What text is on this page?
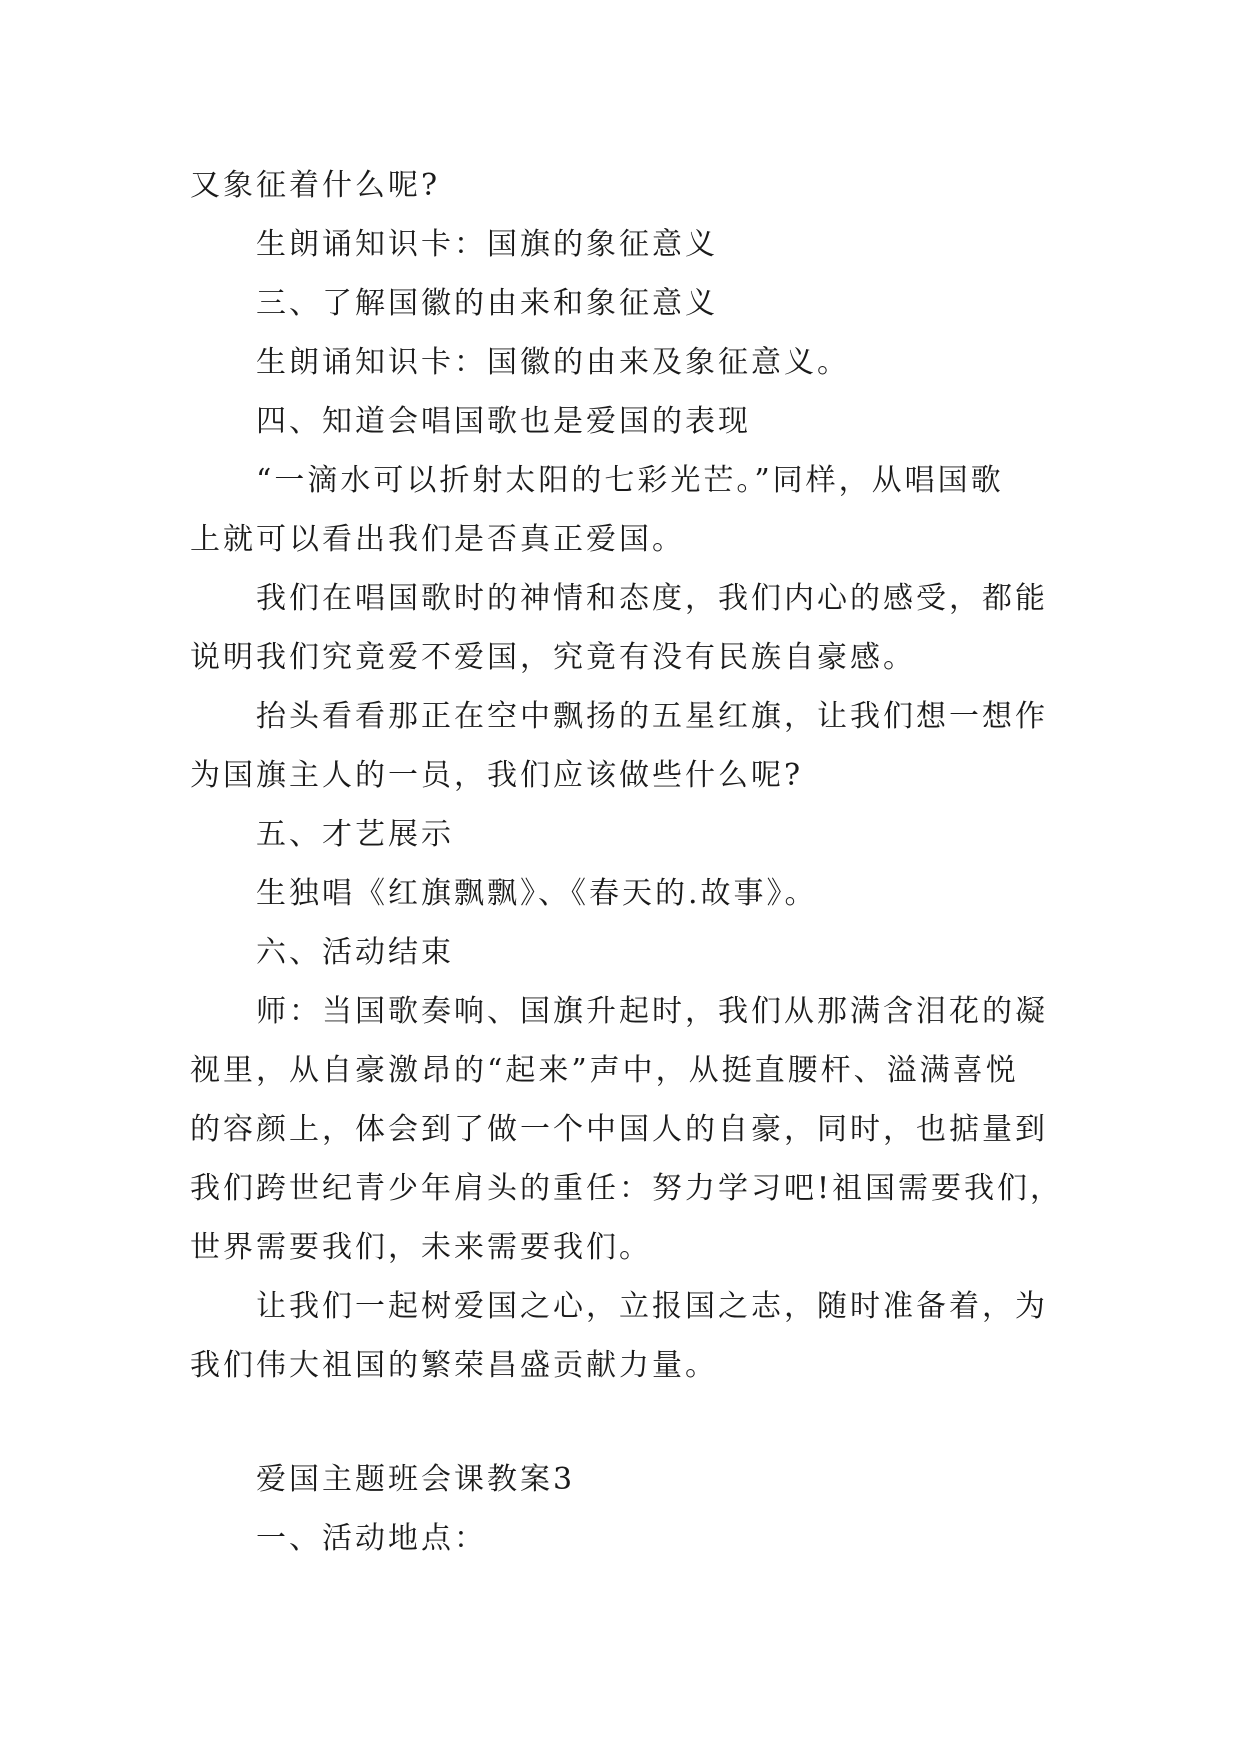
又象征着什么呢?
生朗诵知识卡：国旗的象征意义
三、了解国徽的由来和象征意义
生朗诵知识卡：国徽的由来及象征意义。
四、知道会唱国歌也是爱国的表现
“一滴水可以折射太阳的七彩光芒。”同样，从唱国歌
上就可以看出我们是否真正爱国。
我们在唱国歌时的神情和态度，我们内心的感受，都能
说明我们究竟爱不爱国，究竟有没有民族自豪感。
抬头看看那正在空中飘扬的五星红旗，让我们想一想作
为国旗主人的一员，我们应该做些什么呢?
五、才艺展示
生独唱《红旗飘飘》、《春天的.故事》。
六、活动结束
师：当国歌奏响、国旗升起时，我们从那满含泪花的凝
视里，从自豪激昂的“起来”声中，从挺直腰杆、溢满喜悦
的容颜上，体会到了做一个中国人的自豪，同时，也掂量到
我们跨世纪青少年肩头的重任：努力学习吧!祖国需要我们，
世界需要我们，未来需要我们。
让我们一起树爱国之心，立报国之志，随时准备着，为
我们伟大祖国的繁荣昌盛贡献力量。
爱国主题班会课教案3
一、活动地点：
